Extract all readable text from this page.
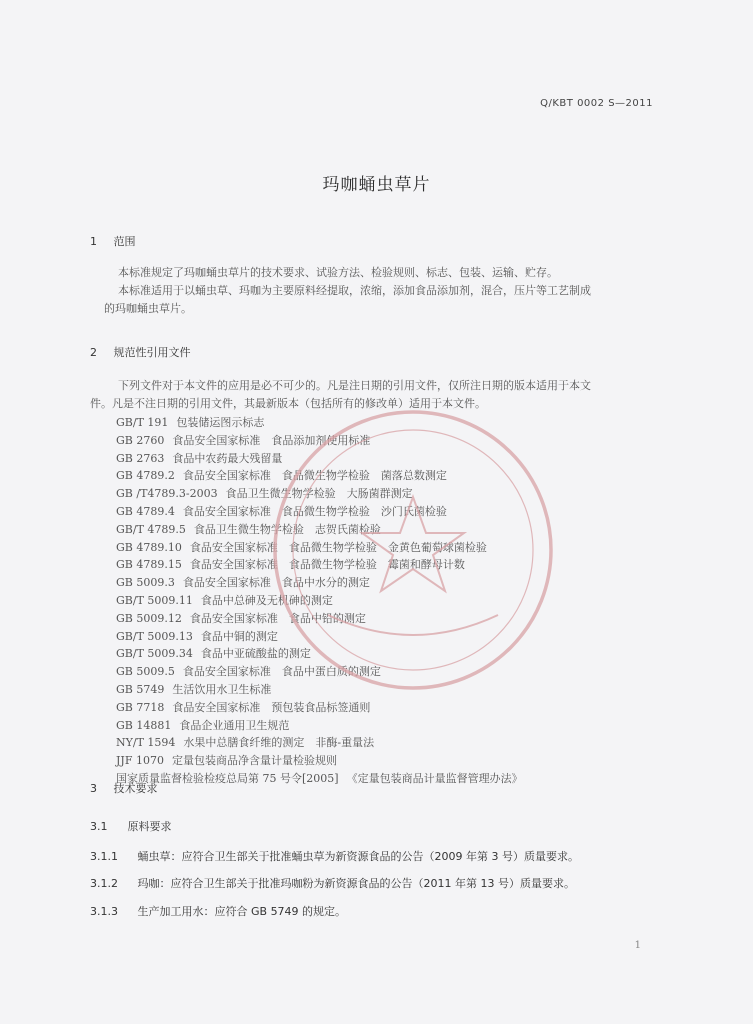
Q/KBT 0002 S—2011
玛咖蛹虫草片
1 范围

本标准规定了玛咖蛹虫草片的技术要求、试验方法、检验规则、标志、包装、运输、贮存。

本标准适用于以蛹虫草、玛咖为主要原料经提取，浓缩，添加食品添加剂，混合，压片等工艺制成

的玛咖蛹虫草片。

2 规范性引用文件

下列文件对于本文件的应用是必不可少的。凡是注日期的引用文件，仅所注日期的版本适用于本文

件。凡是不注日期的引用文件，其最新版本（包括所有的修改单）适用于本文件。

GB/T 191 包装储运图示标志
GB 2760 食品安全国家标准　食品添加剂使用标准
GB 2763 食品中农药最大残留量
GB 4789.2 食品安全国家标准　食品微生物学检验　菌落总数测定
GB /T4789.3-2003 食品卫生微生物学检验　大肠菌群测定
GB 4789.4 食品安全国家标准　食品微生物学检验　沙门氏菌检验
GB/T 4789.5 食品卫生微生物学检验　志贺氏菌检验
GB 4789.10 食品安全国家标准　食品微生物学检验　金黄色葡萄球菌检验
GB 4789.15 食品安全国家标准　食品微生物学检验　霉菌和酵母计数
GB 5009.3 食品安全国家标准　食品中水分的测定
GB/T 5009.11 食品中总砷及无机砷的测定
GB 5009.12 食品安全国家标准　食品中铅的测定
GB/T 5009.13 食品中铜的测定
GB/T 5009.34 食品中亚硫酸盐的测定
GB 5009.5 食品安全国家标准　食品中蛋白质的测定
GB 5749 生活饮用水卫生标准
GB 7718 食品安全国家标准　预包装食品标签通则
GB 14881 食品企业通用卫生规范
NY/T 1594 水果中总膳食纤维的测定　非酶-重量法
JJF 1070 定量包装商品净含量计量检验规则
国家质量监督检验检疫总局第 75 号令[2005] 《定量包装商品计量监督管理办法》
3 技术要求
3.1 原料要求
3.1.1 蛹虫草：应符合卫生部关于批准蛹虫草为新资源食品的公告（2009 年第 3 号）质量要求。
3.1.2 玛咖：应符合卫生部关于批准玛咖粉为新资源食品的公告（2011 年第 13 号）质量要求。
3.1.3 生产加工用水：应符合 GB 5749 的规定。
1
